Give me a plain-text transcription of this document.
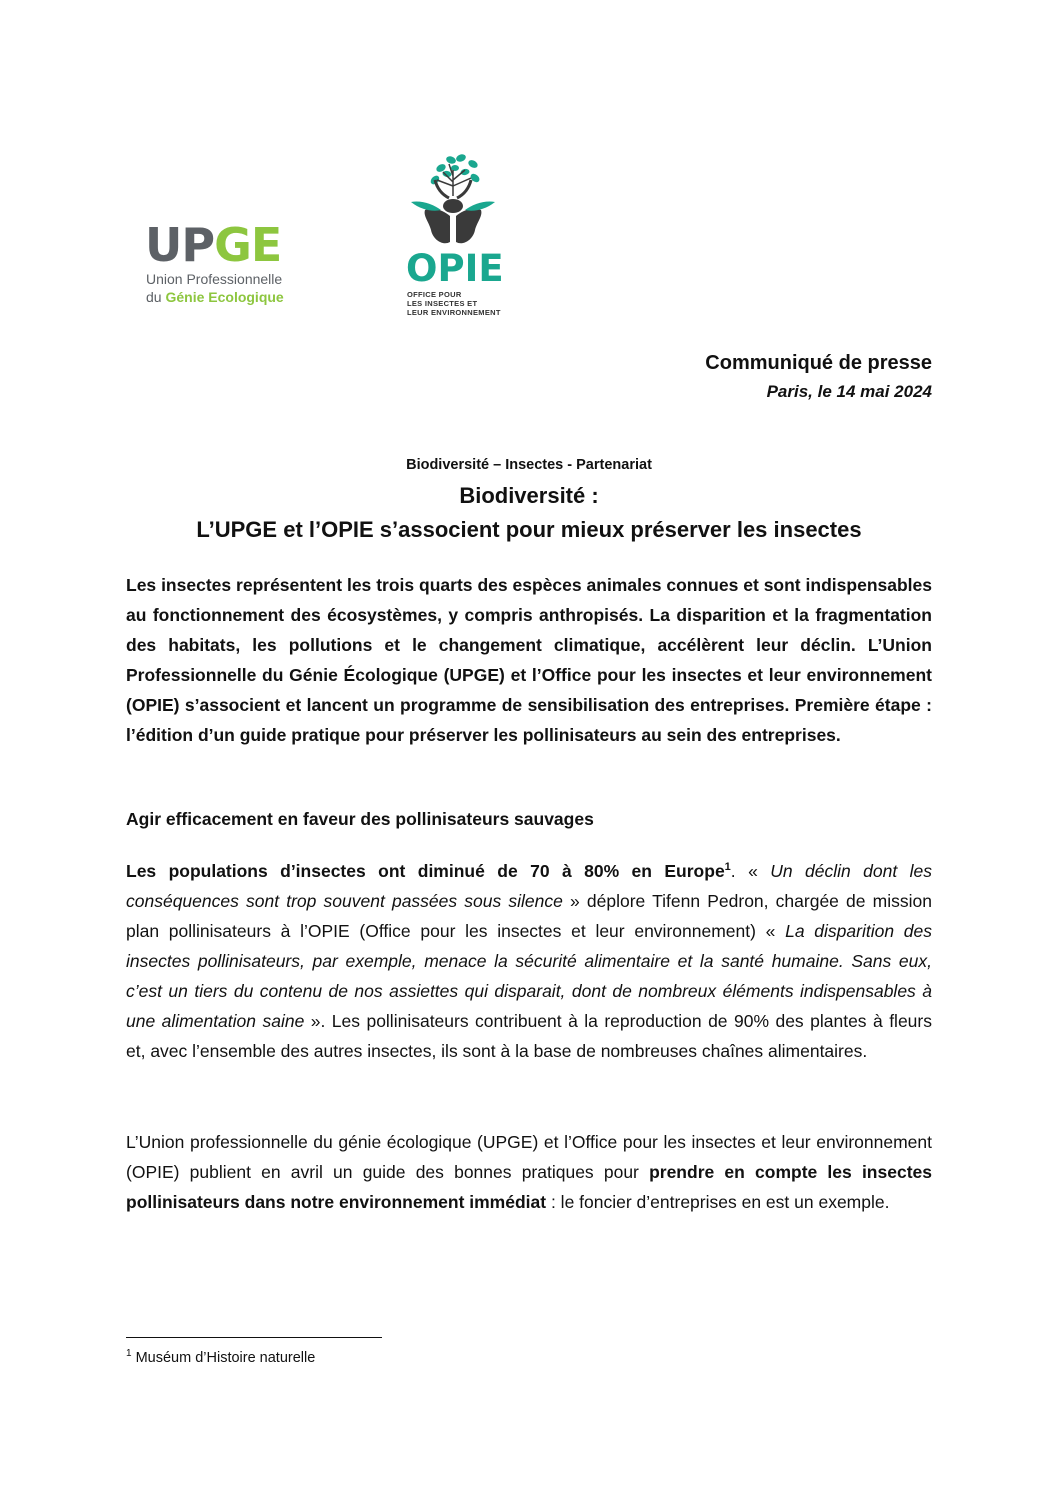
UPGE
Union Professionnelle
du Génie Ecologique
OPIE
OFFICE POUR
LES INSECTES ET
LEUR ENVIRONNEMENT
Communiqué de presse
Paris, le 14 mai 2024
Biodiversité – Insectes - Partenariat
Biodiversité :
L’UPGE et l’OPIE s’associent pour mieux préserver les insectes

Les insectes représentent les trois quarts des espèces animales connues et sont indispensables au fonctionnement des écosystèmes, y compris anthropisés. La disparition et la fragmentation des habitats, les pollutions et le changement climatique, accélèrent leur déclin. L’Union Professionnelle du Génie Écologique (UPGE) et l’Office pour les insectes et leur environnement (OPIE) s’associent et lancent un programme de sensibilisation des entreprises. Première étape : l’édition d’un guide pratique pour préserver les pollinisateurs au sein des entreprises.

Agir efficacement en faveur des pollinisateurs sauvages

Les populations d’insectes ont diminué de 70 à 80% en Europe$^1$. « Un déclin dont les conséquences sont trop souvent passées sous silence » déplore Tifenn Pedron, chargée de mission plan pollinisateurs à l’OPIE (Office pour les insectes et leur environnement) « La disparition des insectes pollinisateurs, par exemple, menace la sécurité alimentaire et la santé humaine. Sans eux, c’est un tiers du contenu de nos assiettes qui disparait, dont de nombreux éléments indispensables à une alimentation saine ». Les pollinisateurs contribuent à la reproduction de 90% des plantes à fleurs et, avec l’ensemble des autres insectes, ils sont à la base de nombreuses chaînes alimentaires.

L’Union professionnelle du génie écologique (UPGE) et l’Office pour les insectes et leur environnement (OPIE) publient en avril un guide des bonnes pratiques pour prendre en compte les insectes pollinisateurs dans notre environnement immédiat : le foncier d’entreprises en est un exemple.

$^1$ Muséum d’Histoire naturelle
